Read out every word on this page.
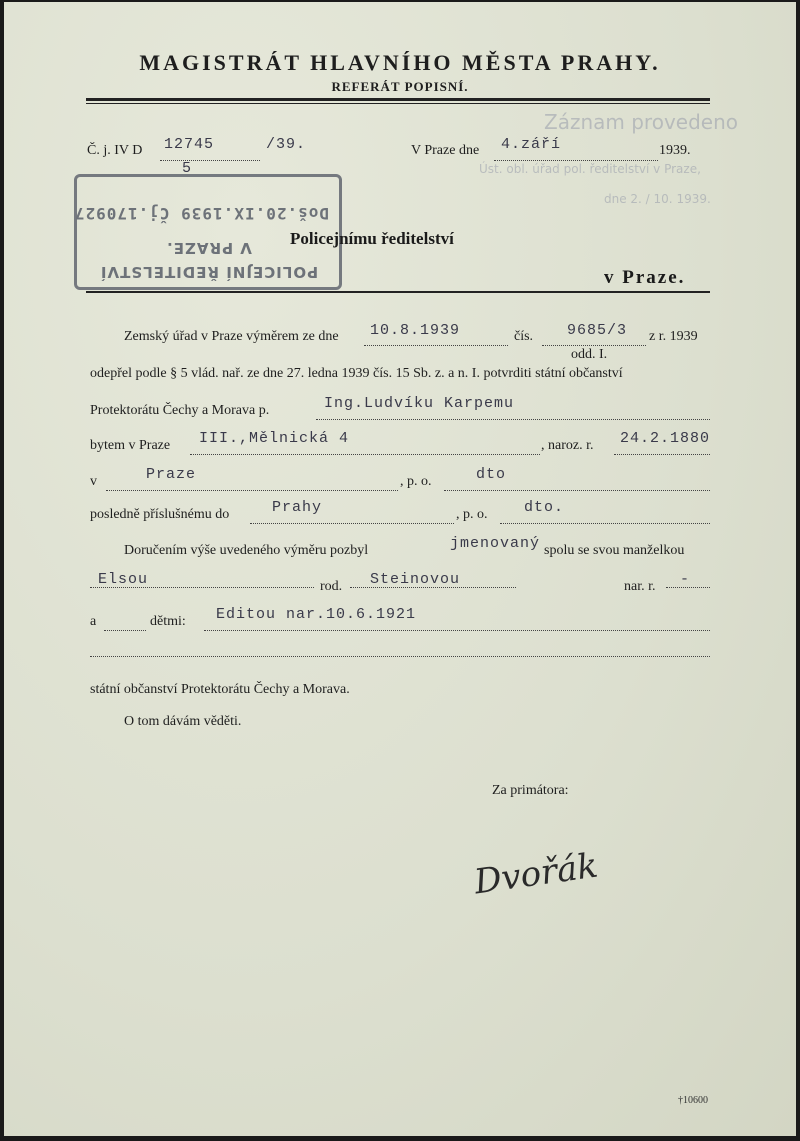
MAGISTRÁT HLAVNÍHO MĚSTA PRAHY.
REFERÁT POPISNÍ.
Záznam provedeno
Úst. obl. úřad pol. ředitelství v Praze,
dne 2. / 10. 1939.
Č. j. IV D 12745	/39.
5
V Praze dne 4.září	1939.
POLICEJNÍ ŘEDITELSTVÍ
V PRAZE.
Doš.20.IX.1939 Čj.170927
Policejnímu ředitelství
v Praze.
Zemský úřad v Praze výměrem ze dne 10.8.1939	čís. 9685/3 z r. 1939
odd. I.
odepřel podle § 5 vlád. nař. ze dne 27. ledna 1939 čís. 15 Sb. z. a n. I. potvrditi státní občanství
Protektorátu Čechy a Morava p.	Ing.Ludvíku Karpemu
bytem v Praze III.,Mělnická 4	, naroz. r. 24.2.1880
v	Praze	, p. o.	dto
posledně příslušnému do	Prahy	, p. o. dto.
Doručením výše uvedeného výměru pozbyl	jmenovaný spolu se svou manželkou
Elsou	rod. Steinovou	nar. r. -
a	dětmi: Editou nar.10.6.1921
státní občanství Protektorátu Čechy a Morava.
O tom dávám věděti.
Za primátora:
Dvořák
†10600
